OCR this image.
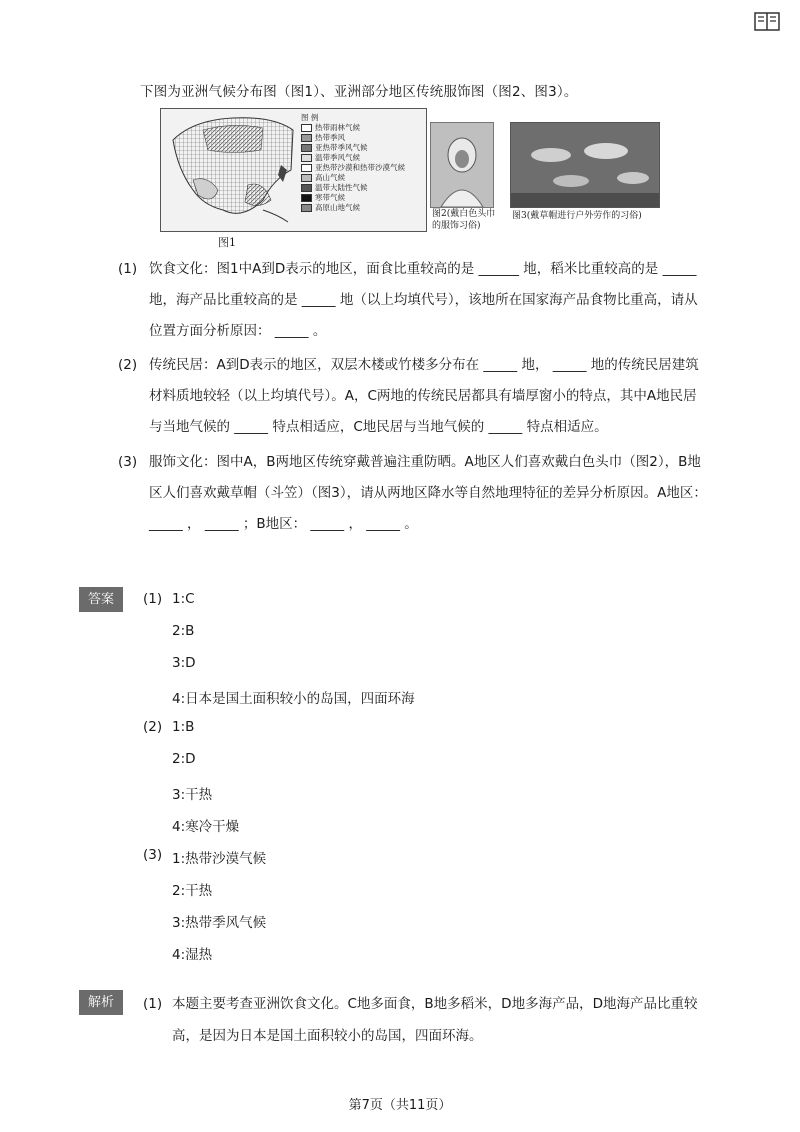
下图为亚洲气候分布图（图1）、亚洲部分地区传统服饰图（图2、图3）。
图 例
热带雨林气候
热带季风
亚热带季风气候
温带季风气候
亚热带沙漠和热带沙漠气候
高山气候
温带大陆性气候
寒带气候
高原山地气候
图1
图2(戴白色头巾的服饰习俗)
图3(戴草帽进行户外劳作的习俗)
(1) 饮食文化：图1中A到D表示的地区，面食比重较高的是 ______ 地，稻米比重较高的是 _____ 地，海产品比重较高的是 _____ 地（以上均填代号），该地所在国家海产品食物比重高，请从位置方面分析原因： _____ 。
(2) 传统民居：A到D表示的地区，双层木楼或竹楼多分布在 _____ 地， _____ 地的传统民居建筑材料质地较轻（以上均填代号）。A，C两地的传统民居都具有墙厚窗小的特点，其中A地民居与当地气候的 _____ 特点相适应，C地民居与当地气候的 _____ 特点相适应。
(3) 服饰文化：图中A，B两地区传统穿戴普遍注重防晒。A地区人们喜欢戴白色头巾（图2），B地区人们喜欢戴草帽（斗笠）（图3），请从两地区降水等自然地理特征的差异分析原因。A地区： _____ ， _____ ；B地区： _____ ， _____ 。
答案	(1) 1:C
2:B
3:D
4:日本是国土面积较小的岛国，四面环海
(2) 1:B
2:D
3:干热
4:寒冷干燥
(3) 1:热带沙漠气候
2:干热
3:热带季风气候
4:湿热
解析	(1) 本题主要考查亚洲饮食文化。C地多面食，B地多稻米，D地多海产品，D地海产品比重较高，是因为日本是国土面积较小的岛国，四面环海。
第7页（共11页）
